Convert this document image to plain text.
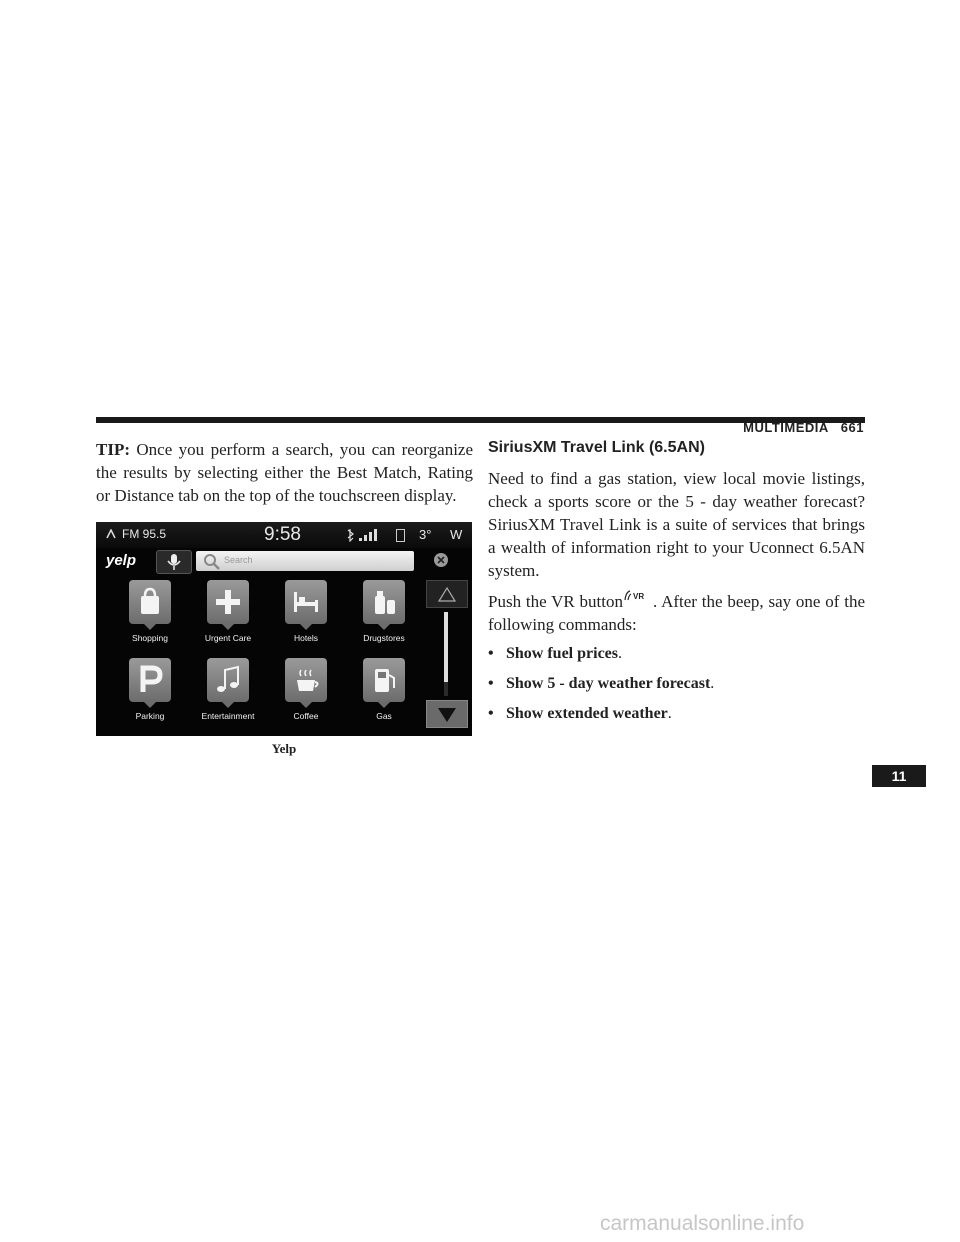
MULTIMEDIA 661

TIP: Once you perform a search, you can reorganize the results by selecting either the Best Match, Rating or Distance tab on the top of the touchscreen display.

FM 95.5	9:58	3° W
yelp	Search
Shopping	Urgent Care	Hotels	Drugstores
Parking	Entertainment	Coffee	Gas
Yelp
SiriusXM Travel Link (6.5AN)

Need to find a gas station, view local movie listings, check a sports score or the 5 - day weather forecast? SiriusXM Travel Link is a suite of services that brings a wealth of information right to your Uconnect 6.5AN system.

Push the VR button VR . After the beep, say one of the following commands:

• Show fuel prices .
• Show 5 - day weather forecast .
• Show extended weather .
11
carmanualsonline.info
